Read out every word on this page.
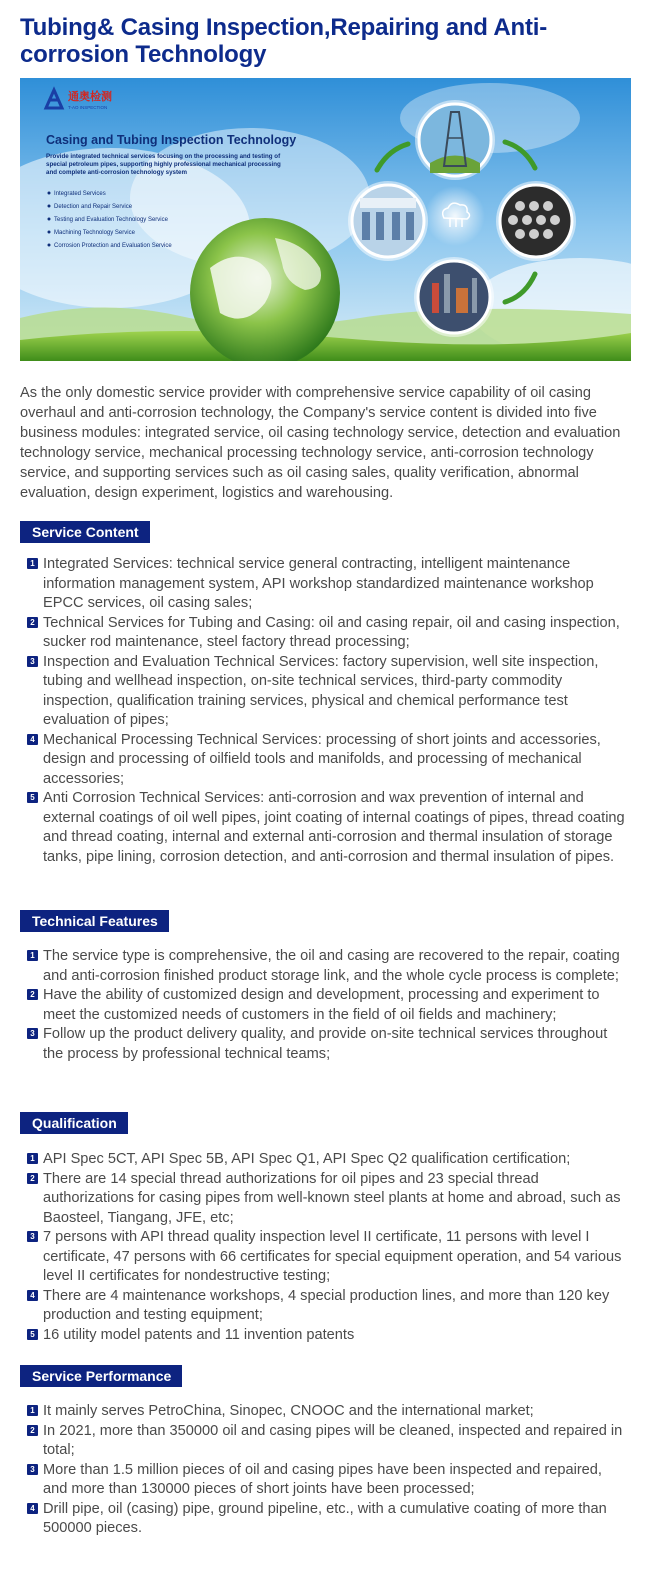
Tubing& Casing Inspection,Repairing and Anti-corrosion Technology
通奥检测
T-AO INSPECTION
Casing and Tubing Inspection Technology
Provide integrated technical services focusing on the processing and testing of
special petroleum pipes, supporting highly professional mechanical processing
and complete anti-corrosion technology system
Integrated Services
Detection and Repair Service
Testing and Evaluation Technology Service
Machining Technology Service
Corrosion Protection and Evaluation Service

As the only domestic service provider with comprehensive service capability of oil casing overhaul and anti-corrosion technology, the Company's service content is divided into five business modules: integrated service, oil casing technology service, detection and evaluation technology service, mechanical processing technology service, anti-corrosion technology service, and supporting services such as oil casing sales, quality verification, abnormal evaluation, design experiment, logistics and warehousing.

Service Content
1 Integrated Services: technical service general contracting, intelligent maintenance information management system, API workshop standardized maintenance workshop EPCC services, oil casing sales;
2 Technical Services for Tubing and Casing: oil and casing repair, oil and casing inspection, sucker rod maintenance, steel factory thread processing;
3 Inspection and Evaluation Technical Services: factory supervision, well site inspection, tubing and wellhead inspection, on-site technical services, third-party commodity inspection, qualification training services, physical and chemical performance test evaluation of pipes;
4 Mechanical Processing Technical Services: processing of short joints and accessories, design and processing of oilfield tools and manifolds, and processing of mechanical accessories;
5 Anti Corrosion Technical Services: anti-corrosion and wax prevention of internal and external coatings of oil well pipes, joint coating of internal coatings of pipes, thread coating and thread coating, internal and external anti-corrosion and thermal insulation of storage tanks, pipe lining, corrosion detection, and anti-corrosion and thermal insulation of pipes.
Technical Features
1 The service type is comprehensive, the oil and casing are recovered to the repair, coating and anti-corrosion finished product storage link, and the whole cycle process is complete;
2 Have the ability of customized design and development, processing and experiment to meet the customized needs of customers in the field of oil fields and machinery;
3 Follow up the product delivery quality, and provide on-site technical services throughout the process by professional technical teams;
Qualification
1 API Spec 5CT, API Spec 5B, API Spec Q1, API Spec Q2 qualification certification;
2 There are 14 special thread authorizations for oil pipes and 23 special thread authorizations for casing pipes from well-known steel plants at home and abroad, such as Baosteel, Tiangang, JFE, etc;
3 7 persons with API thread quality inspection level II certificate, 11 persons with level I certificate, 47 persons with 66 certificates for special equipment operation, and 54 various level II certificates for nondestructive testing;
4 There are 4 maintenance workshops, 4 special production lines, and more than 120 key production and testing equipment;
5 16 utility model patents and 11 invention patents
Service Performance
1 It mainly serves PetroChina, Sinopec, CNOOC and the international market;
2 In 2021, more than 350000 oil and casing pipes will be cleaned, inspected and repaired in total;
3 More than 1.5 million pieces of oil and casing pipes have been inspected and repaired, and more than 130000 pieces of short joints have been processed;
4 Drill pipe, oil (casing) pipe, ground pipeline, etc., with a cumulative coating of more than 500000 pieces.
